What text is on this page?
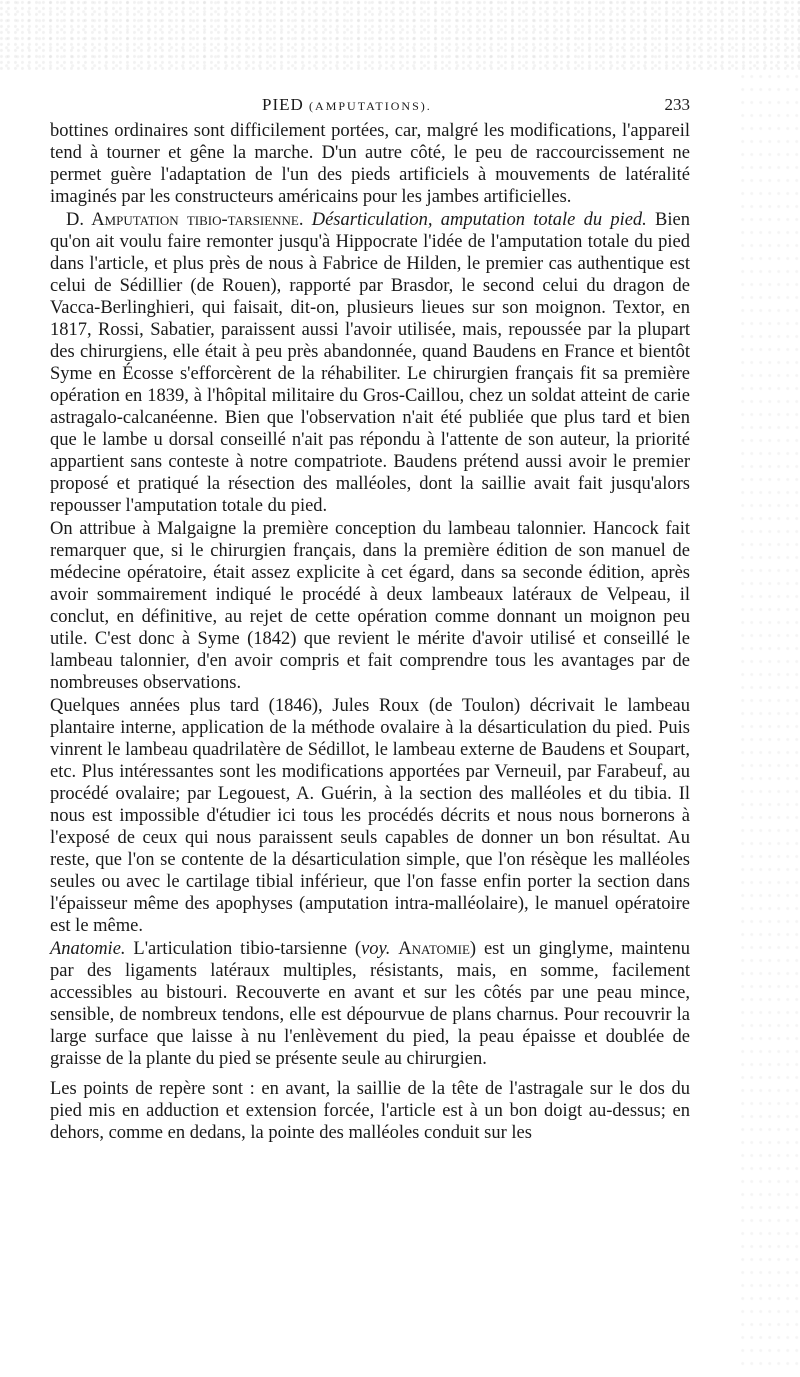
PIED (AMPUTATIONS).	233

bottines ordinaires sont difficilement portées, car, malgré les modifications, l'appareil tend à tourner et gêne la marche. D'un autre côté, le peu de raccourcissement ne permet guère l'adaptation de l'un des pieds artificiels à mouvements de latéralité imaginés par les constructeurs américains pour les jambes artificielles.

D. Amputation tibio-tarsienne. Désarticulation, amputation totale du pied. Bien qu'on ait voulu faire remonter jusqu'à Hippocrate l'idée de l'amputation totale du pied dans l'article, et plus près de nous à Fabrice de Hilden, le premier cas authentique est celui de Sédillier (de Rouen), rapporté par Brasdor, le second celui du dragon de Vacca-Berlinghieri, qui faisait, dit-on, plusieurs lieues sur son moignon. Textor, en 1817, Rossi, Sabatier, paraissent aussi l'avoir utilisée, mais, repoussée par la plupart des chirurgiens, elle était à peu près abandonnée, quand Baudens en France et bientôt Syme en Écosse s'efforcèrent de la réhabiliter. Le chirurgien français fit sa première opération en 1839, à l'hôpital militaire du Gros-Caillou, chez un soldat atteint de carie astragalo-calcanéenne. Bien que l'observation n'ait été publiée que plus tard et bien que le lambe u dorsal conseillé n'ait pas répondu à l'attente de son auteur, la priorité appartient sans conteste à notre compatriote. Baudens prétend aussi avoir le premier proposé et pratiqué la résection des malléoles, dont la saillie avait fait jusqu'alors repousser l'amputation totale du pied.

On attribue à Malgaigne la première conception du lambeau talonnier. Hancock fait remarquer que, si le chirurgien français, dans la première édition de son manuel de médecine opératoire, était assez explicite à cet égard, dans sa seconde édition, après avoir sommairement indiqué le procédé à deux lambeaux latéraux de Velpeau, il conclut, en définitive, au rejet de cette opération comme donnant un moignon peu utile. C'est donc à Syme (1842) que revient le mérite d'avoir utilisé et conseillé le lambeau talonnier, d'en avoir compris et fait comprendre tous les avantages par de nombreuses observations.

Quelques années plus tard (1846), Jules Roux (de Toulon) décrivait le lambeau plantaire interne, application de la méthode ovalaire à la désarticulation du pied. Puis vinrent le lambeau quadrilatère de Sédillot, le lambeau externe de Baudens et Soupart, etc. Plus intéressantes sont les modifications apportées par Verneuil, par Farabeuf, au procédé ovalaire; par Legouest, A. Guérin, à la section des malléoles et du tibia. Il nous est impossible d'étudier ici tous les procédés décrits et nous nous bornerons à l'exposé de ceux qui nous paraissent seuls capables de donner un bon résultat. Au reste, que l'on se contente de la désarticulation simple, que l'on résèque les malléoles seules ou avec le cartilage tibial inférieur, que l'on fasse enfin porter la section dans l'épaisseur même des apophyses (amputation intra-malléolaire), le manuel opératoire est le même.

Anatomie. L'articulation tibio-tarsienne (voy. Anatomie) est un ginglyme, maintenu par des ligaments latéraux multiples, résistants, mais, en somme, facilement accessibles au bistouri. Recouverte en avant et sur les côtés par une peau mince, sensible, de nombreux tendons, elle est dépourvue de plans charnus. Pour recouvrir la large surface que laisse à nu l'enlèvement du pied, la peau épaisse et doublée de graisse de la plante du pied se présente seule au chirurgien.

Les points de repère sont : en avant, la saillie de la tête de l'astragale sur le dos du pied mis en adduction et extension forcée, l'article est à un bon doigt au-dessus; en dehors, comme en dedans, la pointe des malléoles conduit sur les
